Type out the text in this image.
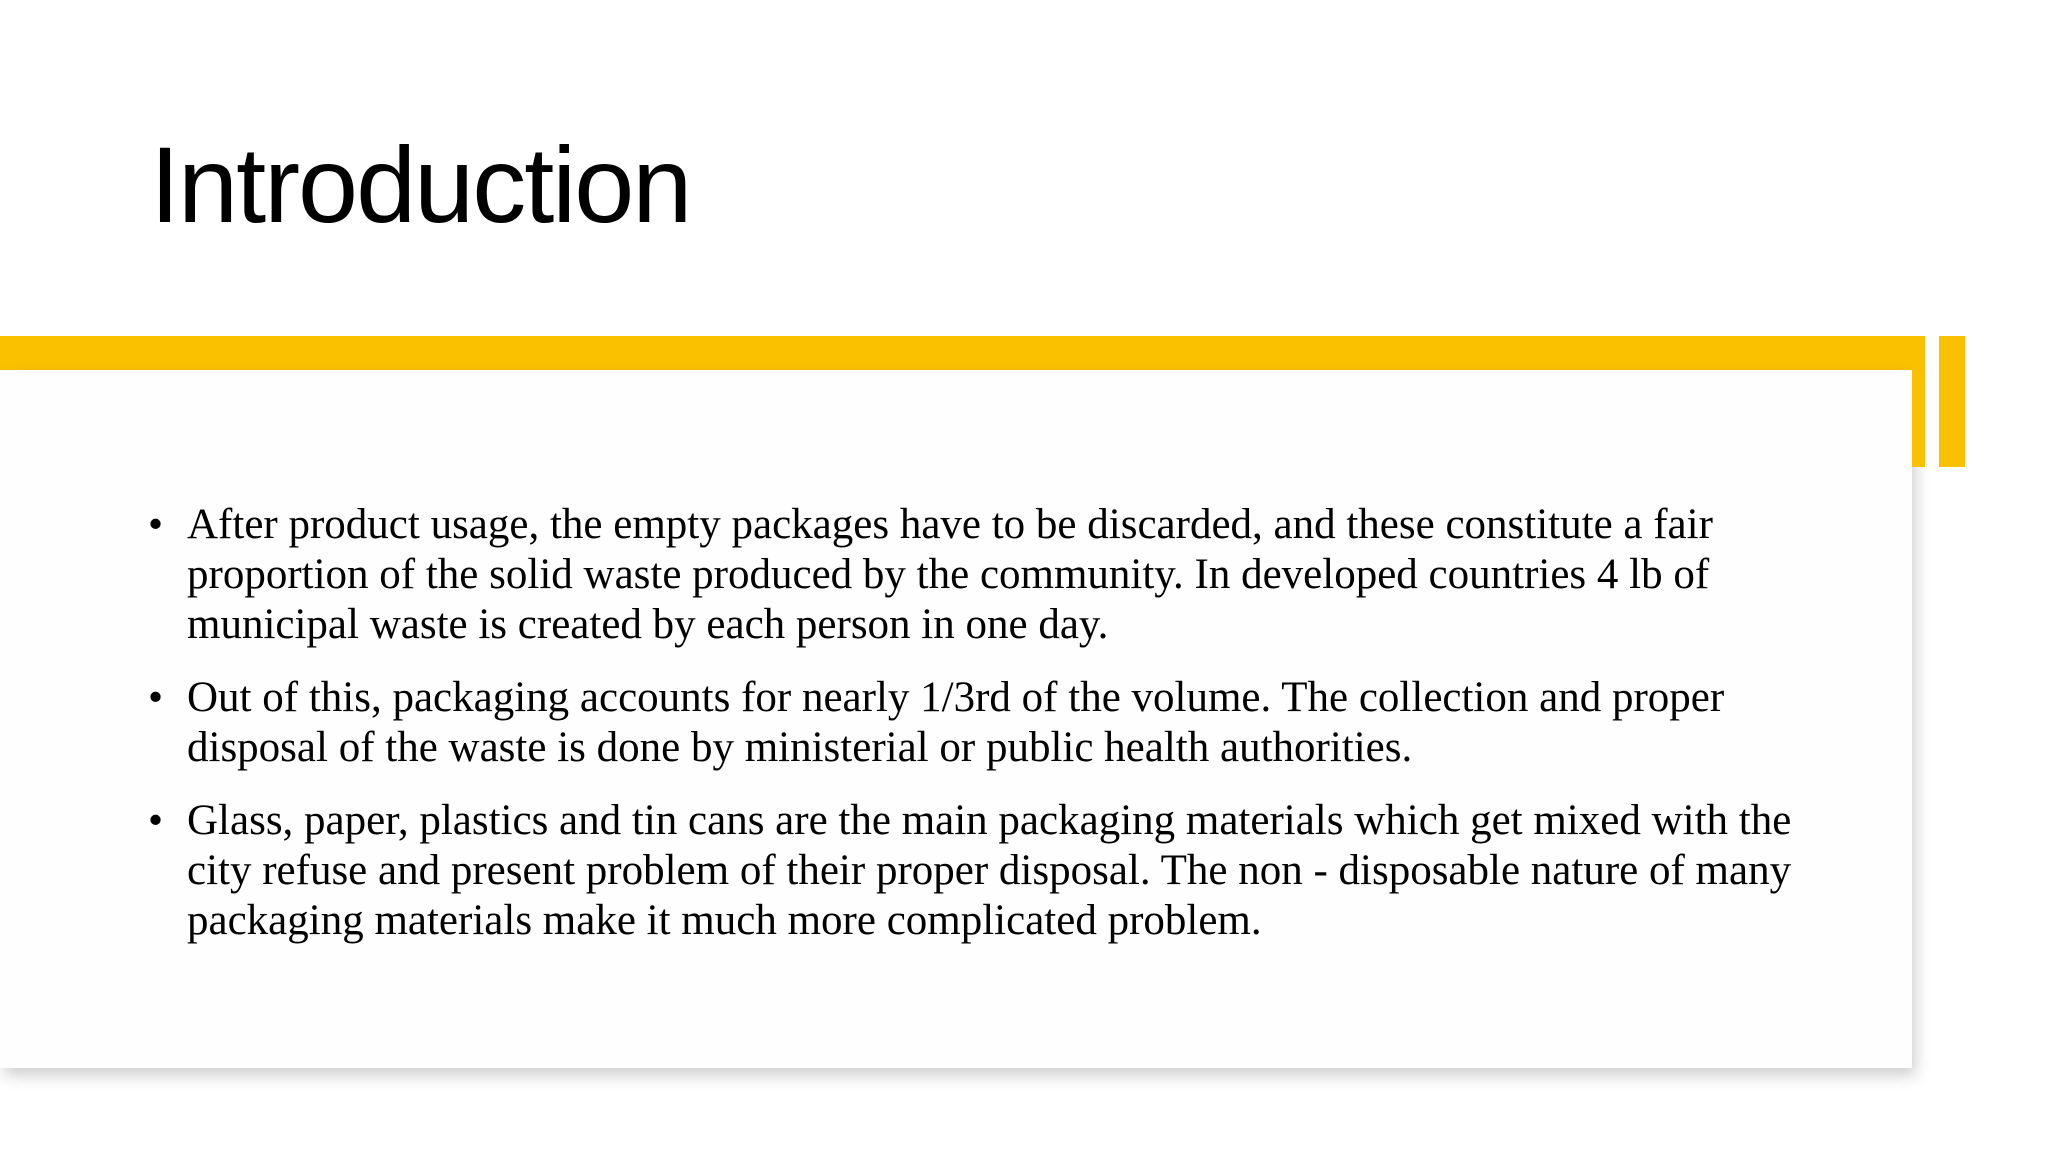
Introduction
• After product usage, the empty packages have to be discarded, and these constitute a fair proportion of the solid waste produced by the community. In developed countries 4 lb of municipal waste is created by each person in one day.
• Out of this, packaging accounts for nearly 1/3rd of the volume. The collection and proper disposal of the waste is done by ministerial or public health authorities.
• Glass, paper, plastics and tin cans are the main packaging materials which get mixed with the city refuse and present problem of their proper disposal. The non - disposable nature of many packaging materials make it much more complicated problem.
